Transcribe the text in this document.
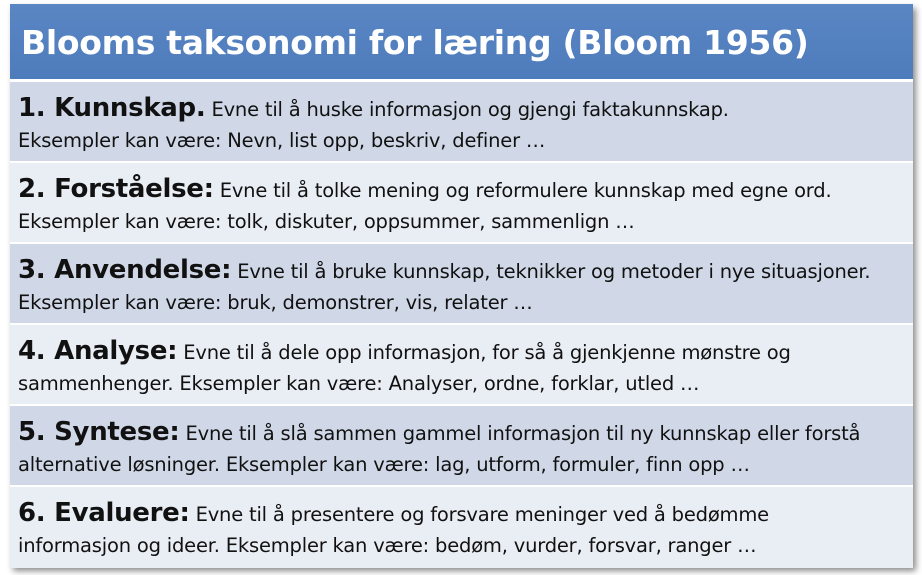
Blooms taksonomi for læring (Bloom 1956)
1. Kunnskap. Evne til å huske informasjon og gjengi faktakunnskap.
Eksempler kan være: Nevn, list opp, beskriv, definer …
2. Forståelse: Evne til å tolke mening og reformulere kunnskap med egne ord.
Eksempler kan være: tolk, diskuter, oppsummer, sammenlign …
3. Anvendelse: Evne til å bruke kunnskap, teknikker og metoder i nye situasjoner.
Eksempler kan være: bruk, demonstrer, vis, relater …
4. Analyse: Evne til å dele opp informasjon, for så å gjenkjenne mønstre og
sammenhenger. Eksempler kan være: Analyser, ordne, forklar, utled …
5. Syntese: Evne til å slå sammen gammel informasjon til ny kunnskap eller forstå
alternative løsninger. Eksempler kan være: lag, utform, formuler, finn opp …
6. Evaluere: Evne til å presentere og forsvare meninger ved å bedømme
informasjon og ideer. Eksempler kan være: bedøm, vurder, forsvar, ranger …
